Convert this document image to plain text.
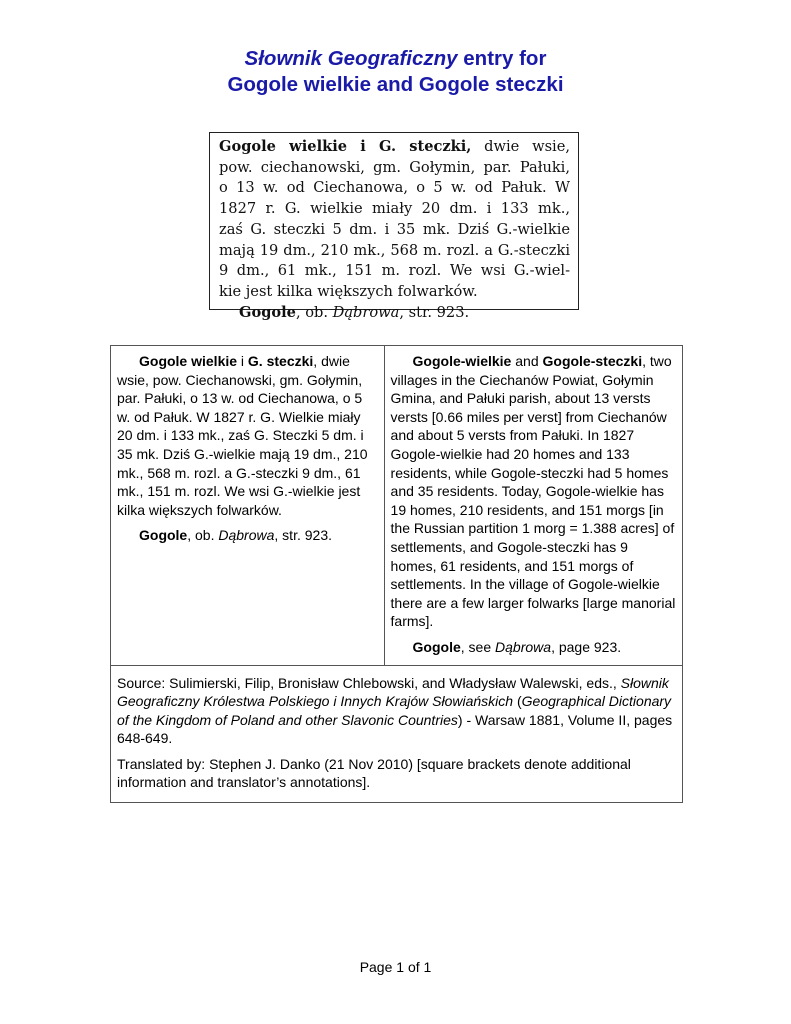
Słownik Geograficzny entry for
Gogole wielkie and Gogole steczki
Gogole wielkie i G. steczki, dwie wsie,
pow. ciechanowski, gm. Gołymin, par. Pałuki,
o 13 w. od Ciechanowa, o 5 w. od Pałuk. W
1827 r. G. wielkie miały 20 dm. i 133 mk.,
zaś G. steczki 5 dm. i 35 mk. Dziś G.-wielkie
mają 19 dm., 210 mk., 568 m. rozl. a G.-steczki
9 dm., 61 mk., 151 m. rozl. We wsi G.-wiel-
kie jest kilka większych folwarków.
Gogole, ob. Dąbrowa, str. 923.

Gogole wielkie i G. steczki, dwie wsie, pow. Ciechanowski, gm. Gołymin, par. Pałuki, o 13 w. od Ciechanowa, o 5 w. od Pałuk. W 1827 r. G. Wielkie miały 20 dm. i 133 mk., zaś G. Steczki 5 dm. i 35 mk. Dziś G.-wielkie mają 19 dm., 210 mk., 568 m. rozl. a G.-steczki 9 dm., 61 mk., 151 m. rozl. We wsi G.-wielkie jest kilka większych folwarków.

Gogole, ob. Dąbrowa, str. 923.

Gogole-wielkie and Gogole-steczki, two villages in the Ciechanów Powiat, Gołymin Gmina, and Pałuki parish, about 13 versts versts [0.66 miles per verst] from Ciechanów and about 5 versts from Pałuki. In 1827 Gogole-wielkie had 20 homes and 133 residents, while Gogole-steczki had 5 homes and 35 residents. Today, Gogole-wielkie has 19 homes, 210 residents, and 151 morgs [in the Russian partition 1 morg = 1.388 acres] of settlements, and Gogole-steczki has 9 homes, 61 residents, and 151 morgs of settlements. In the village of Gogole-wielkie there are a few larger folwarks [large manorial farms].

Gogole, see Dąbrowa, page 923.

Source: Sulimierski, Filip, Bronisław Chlebowski, and Władysław Walewski, eds., Słownik Geograficzny Królestwa Polskiego i Innych Krajów Słowiańskich (Geographical Dictionary of the Kingdom of Poland and other Slavonic Countries) - Warsaw 1881, Volume II, pages 648-649.

Translated by: Stephen J. Danko (21 Nov 2010) [square brackets denote additional information and translator’s annotations].

Page 1 of 1
